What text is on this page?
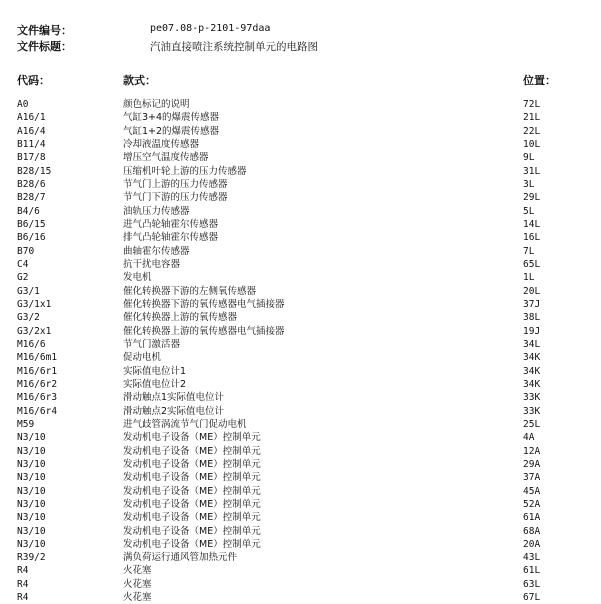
文件编号：	pe07.08-p-2101-97daa
文件标题：	汽油直接喷注系统控制单元的电路图
代码：	款式：	位置：
A0	颜色标记的说明	72L
A16/1	气缸3+4的爆震传感器	21L
A16/4	气缸1+2的爆震传感器	22L
B11/4	冷却液温度传感器	10L
B17/8	增压空气温度传感器	9L
B28/15	压缩机叶轮上游的压力传感器	31L
B28/6	节气门上游的压力传感器	3L
B28/7	节气门下游的压力传感器	29L
B4/6	油轨压力传感器	5L
B6/15	进气凸轮轴霍尔传感器	14L
B6/16	排气凸轮轴霍尔传感器	16L
B70	曲轴霍尔传感器	7L
C4	抗干扰电容器	65L
G2	发电机	1L
G3/1	催化转换器下游的左侧氧传感器	20L
G3/1x1	催化转换器下游的氧传感器电气插接器	37J
G3/2	催化转换器上游的氧传感器	38L
G3/2x1	催化转换器上游的氧传感器电气插接器	19J
M16/6	节气门激活器	34L
M16/6m1	促动电机	34K
M16/6r1	实际值电位计1	34K
M16/6r2	实际值电位计2	34K
M16/6r3	滑动触点1实际值电位计	33K
M16/6r4	滑动触点2实际值电位计	33K
M59	进气歧管涡流节气门促动电机	25L
N3/10	发动机电子设备（ME）控制单元	4A
N3/10	发动机电子设备（ME）控制单元	12A
N3/10	发动机电子设备（ME）控制单元	29A
N3/10	发动机电子设备（ME）控制单元	37A
N3/10	发动机电子设备（ME）控制单元	45A
N3/10	发动机电子设备（ME）控制单元	52A
N3/10	发动机电子设备（ME）控制单元	61A
N3/10	发动机电子设备（ME）控制单元	68A
N3/10	发动机电子设备（ME）控制单元	20A
R39/2	满负荷运行通风管加热元件	43L
R4	火花塞	61L
R4	火花塞	63L
R4	火花塞	67L
